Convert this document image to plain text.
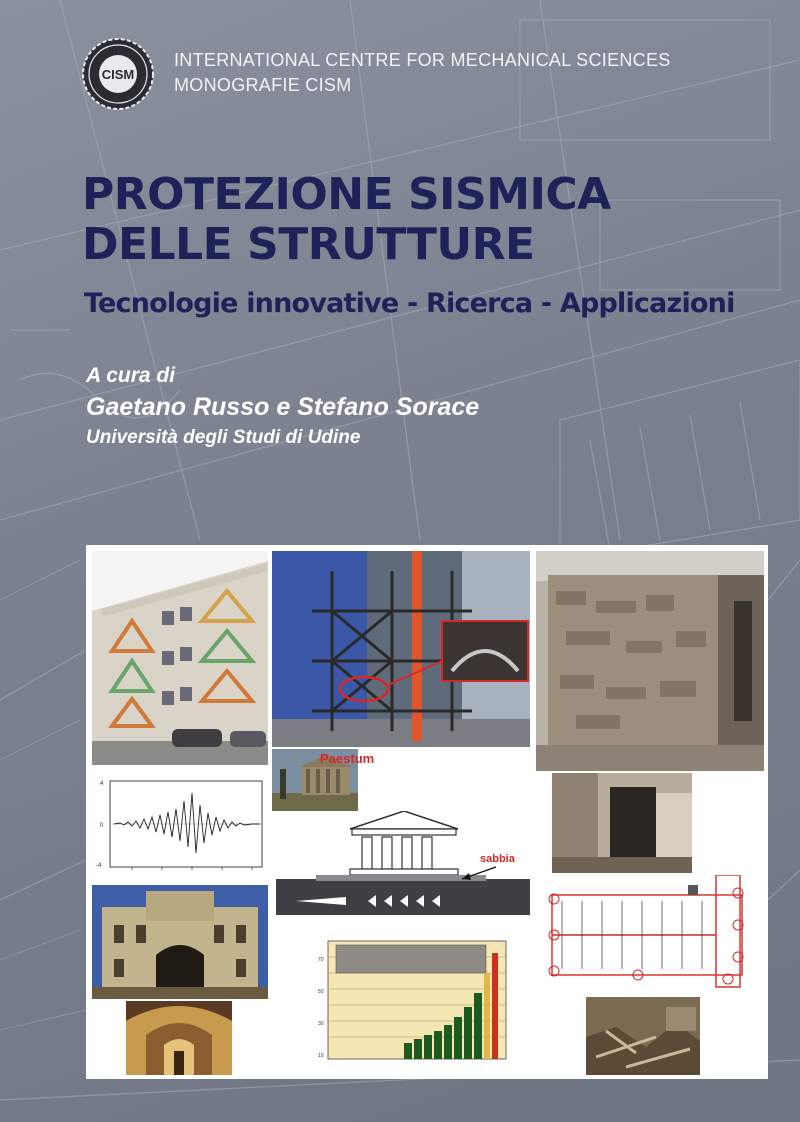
CISM
INTERNATIONAL CENTRE FOR MECHANICAL SCIENCES
MONOGRAFIE CISM
PROTEZIONE SISMICA
DELLE STRUTTURE
Tecnologie innovative - Ricerca - Applicazioni
A cura di
Gaetano Russo e Stefano Sorace
Università degli Studi di Udine
4
0
-4
Paestum
sabbia
70
50
30
10
